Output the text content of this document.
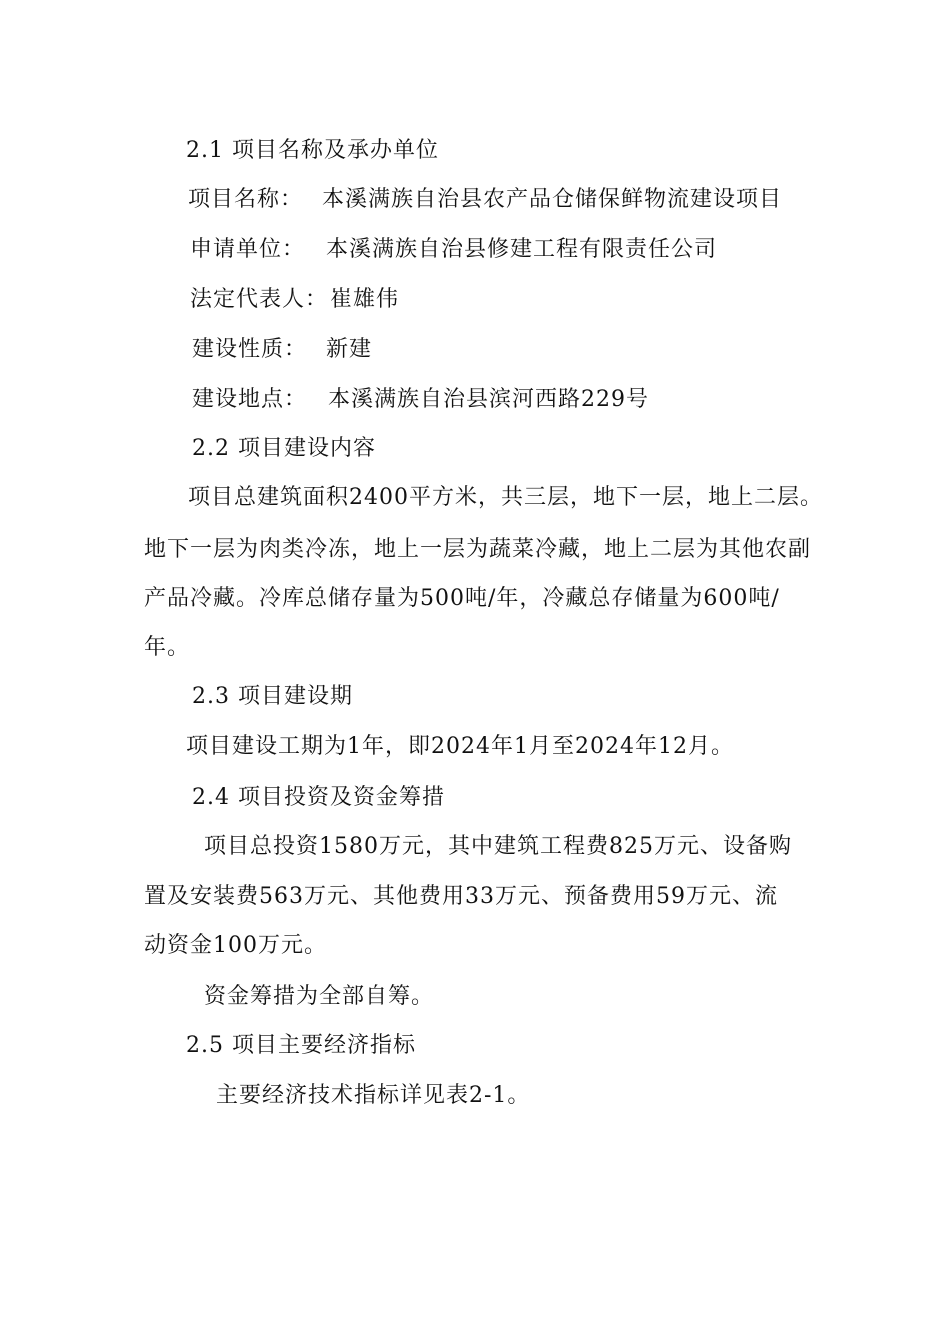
2.1 项目名称及承办单位
项目名称： 本溪满族自治县农产品仓储保鲜物流建设项目
申请单位： 本溪满族自治县修建工程有限责任公司
法定代表人： 崔雄伟
建设性质： 新建
建设地点： 本溪满族自治县滨河西路229号
2.2 项目建设内容
项目总建筑面积2400平方米，共三层，地下一层，地上二层。
地下一层为肉类冷冻，地上一层为蔬菜冷藏，地上二层为其他农副
产品冷藏。冷库总储存量为500吨/年，冷藏总存储量为600吨/
年。
2.3 项目建设期
项目建设工期为1年，即2024年1月至2024年12月。
2.4 项目投资及资金筹措
项目总投资1580万元，其中建筑工程费825万元、设备购
置及安装费563万元、其他费用33万元、预备费用59万元、流
动资金100万元。
资金筹措为全部自筹。
2.5 项目主要经济指标
主要经济技术指标详见表2-1。
